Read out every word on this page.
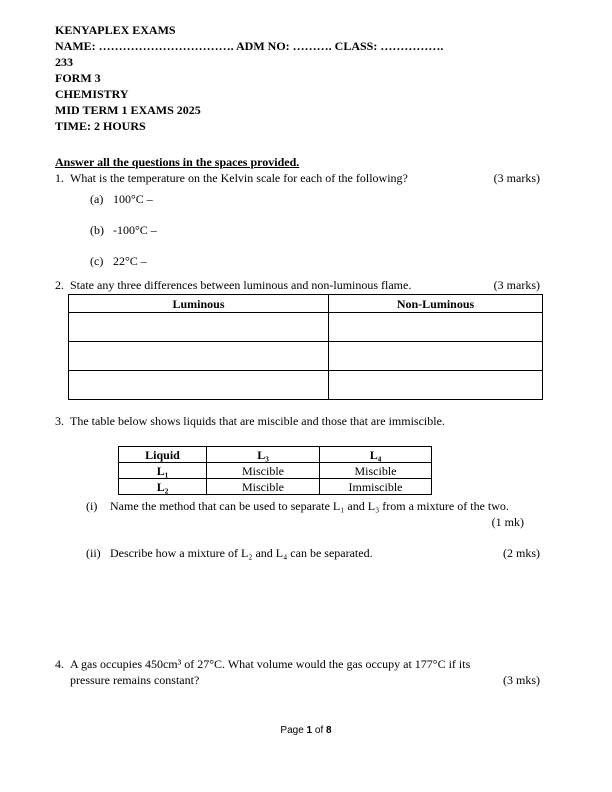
KENYAPLEX EXAMS
NAME: ……………………………. ADM NO: ………. CLASS: …………….
233
FORM 3
CHEMISTRY
MID TERM 1 EXAMS 2025
TIME: 2 HOURS
Answer all the questions in the spaces provided.
1. What is the temperature on the Kelvin scale for each of the following?	(3 marks)
(a) 100°C –
(b) -100°C –
(c) 22°C –
2. State any three differences between luminous and non-luminous flame.	(3 marks)
Luminous	Non-Luminous

3. The table below shows liquids that are miscible and those that are immiscible.
Liquid	L₃	L₄
L₁	Miscible	Miscible
L₂	Miscible	Immiscible
(i)	Name the method that can be used to separate L₁ and L₃ from a mixture of the two.
(1 mk)
(ii) Describe how a mixture of L₂ and L₄ can be separated.	(2 mks)
4. A gas occupies 450cm³ of 27°C. What volume would the gas occupy at 177°C if its
pressure remains constant?	(3 mks)
Page 1 of 8
